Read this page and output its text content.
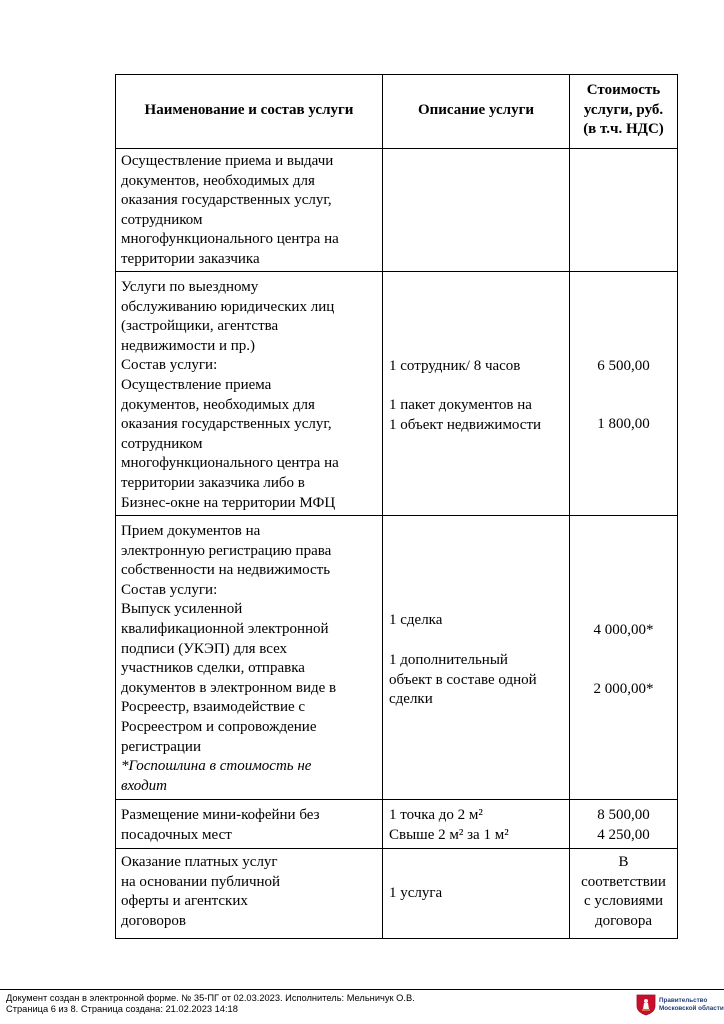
Наименование и состав услуги	Описание услуги
Стоимость
услуги, руб.
(в т.ч. НДС)
Осуществление приема и выдачи
документов, необходимых для
оказания государственных услуг,
сотрудником
многофункционального центра на
территории заказчика
Услуги по выездному
обслуживанию юридических лиц
(застройщики, агентства
недвижимости и пр.)
Состав услуги:
Осуществление приема
документов, необходимых для
оказания государственных услуг,
сотрудником
многофункционального центра на
территории заказчика либо в
Бизнес-окне на территории МФЦ
1 сотрудник/ 8 часов
1 пакет документов на
1 объект недвижимости
6 500,00
1 800,00
Прием документов на
электронную регистрацию права
собственности на недвижимость
Состав услуги:
Выпуск усиленной
квалификационной электронной
подписи (УКЭП) для всех
участников сделки, отправка
документов в электронном виде в
Росреестр, взаимодействие с
Росреестром и сопровождение
регистрации
*Госпошлина в стоимость не
входит
1 сделка
1 дополнительный
объект в составе одной
сделки
4 000,00*
2 000,00*
Размещение мини-кофейни без
посадочных мест
1 точка до 2 м²
Свыше 2 м² за 1 м²
8 500,00
4 250,00
Оказание платных услуг
на основании публичной
оферты и агентских
договоров
1 услуга
В
соответствии
с условиями
договора
Документ создан в электронной форме. № 35-ПГ от 02.03.2023. Исполнитель: Мельничук О.В.
Страница 6 из 8. Страница создана: 21.02.2023 14:18
Правительство
Московской области
